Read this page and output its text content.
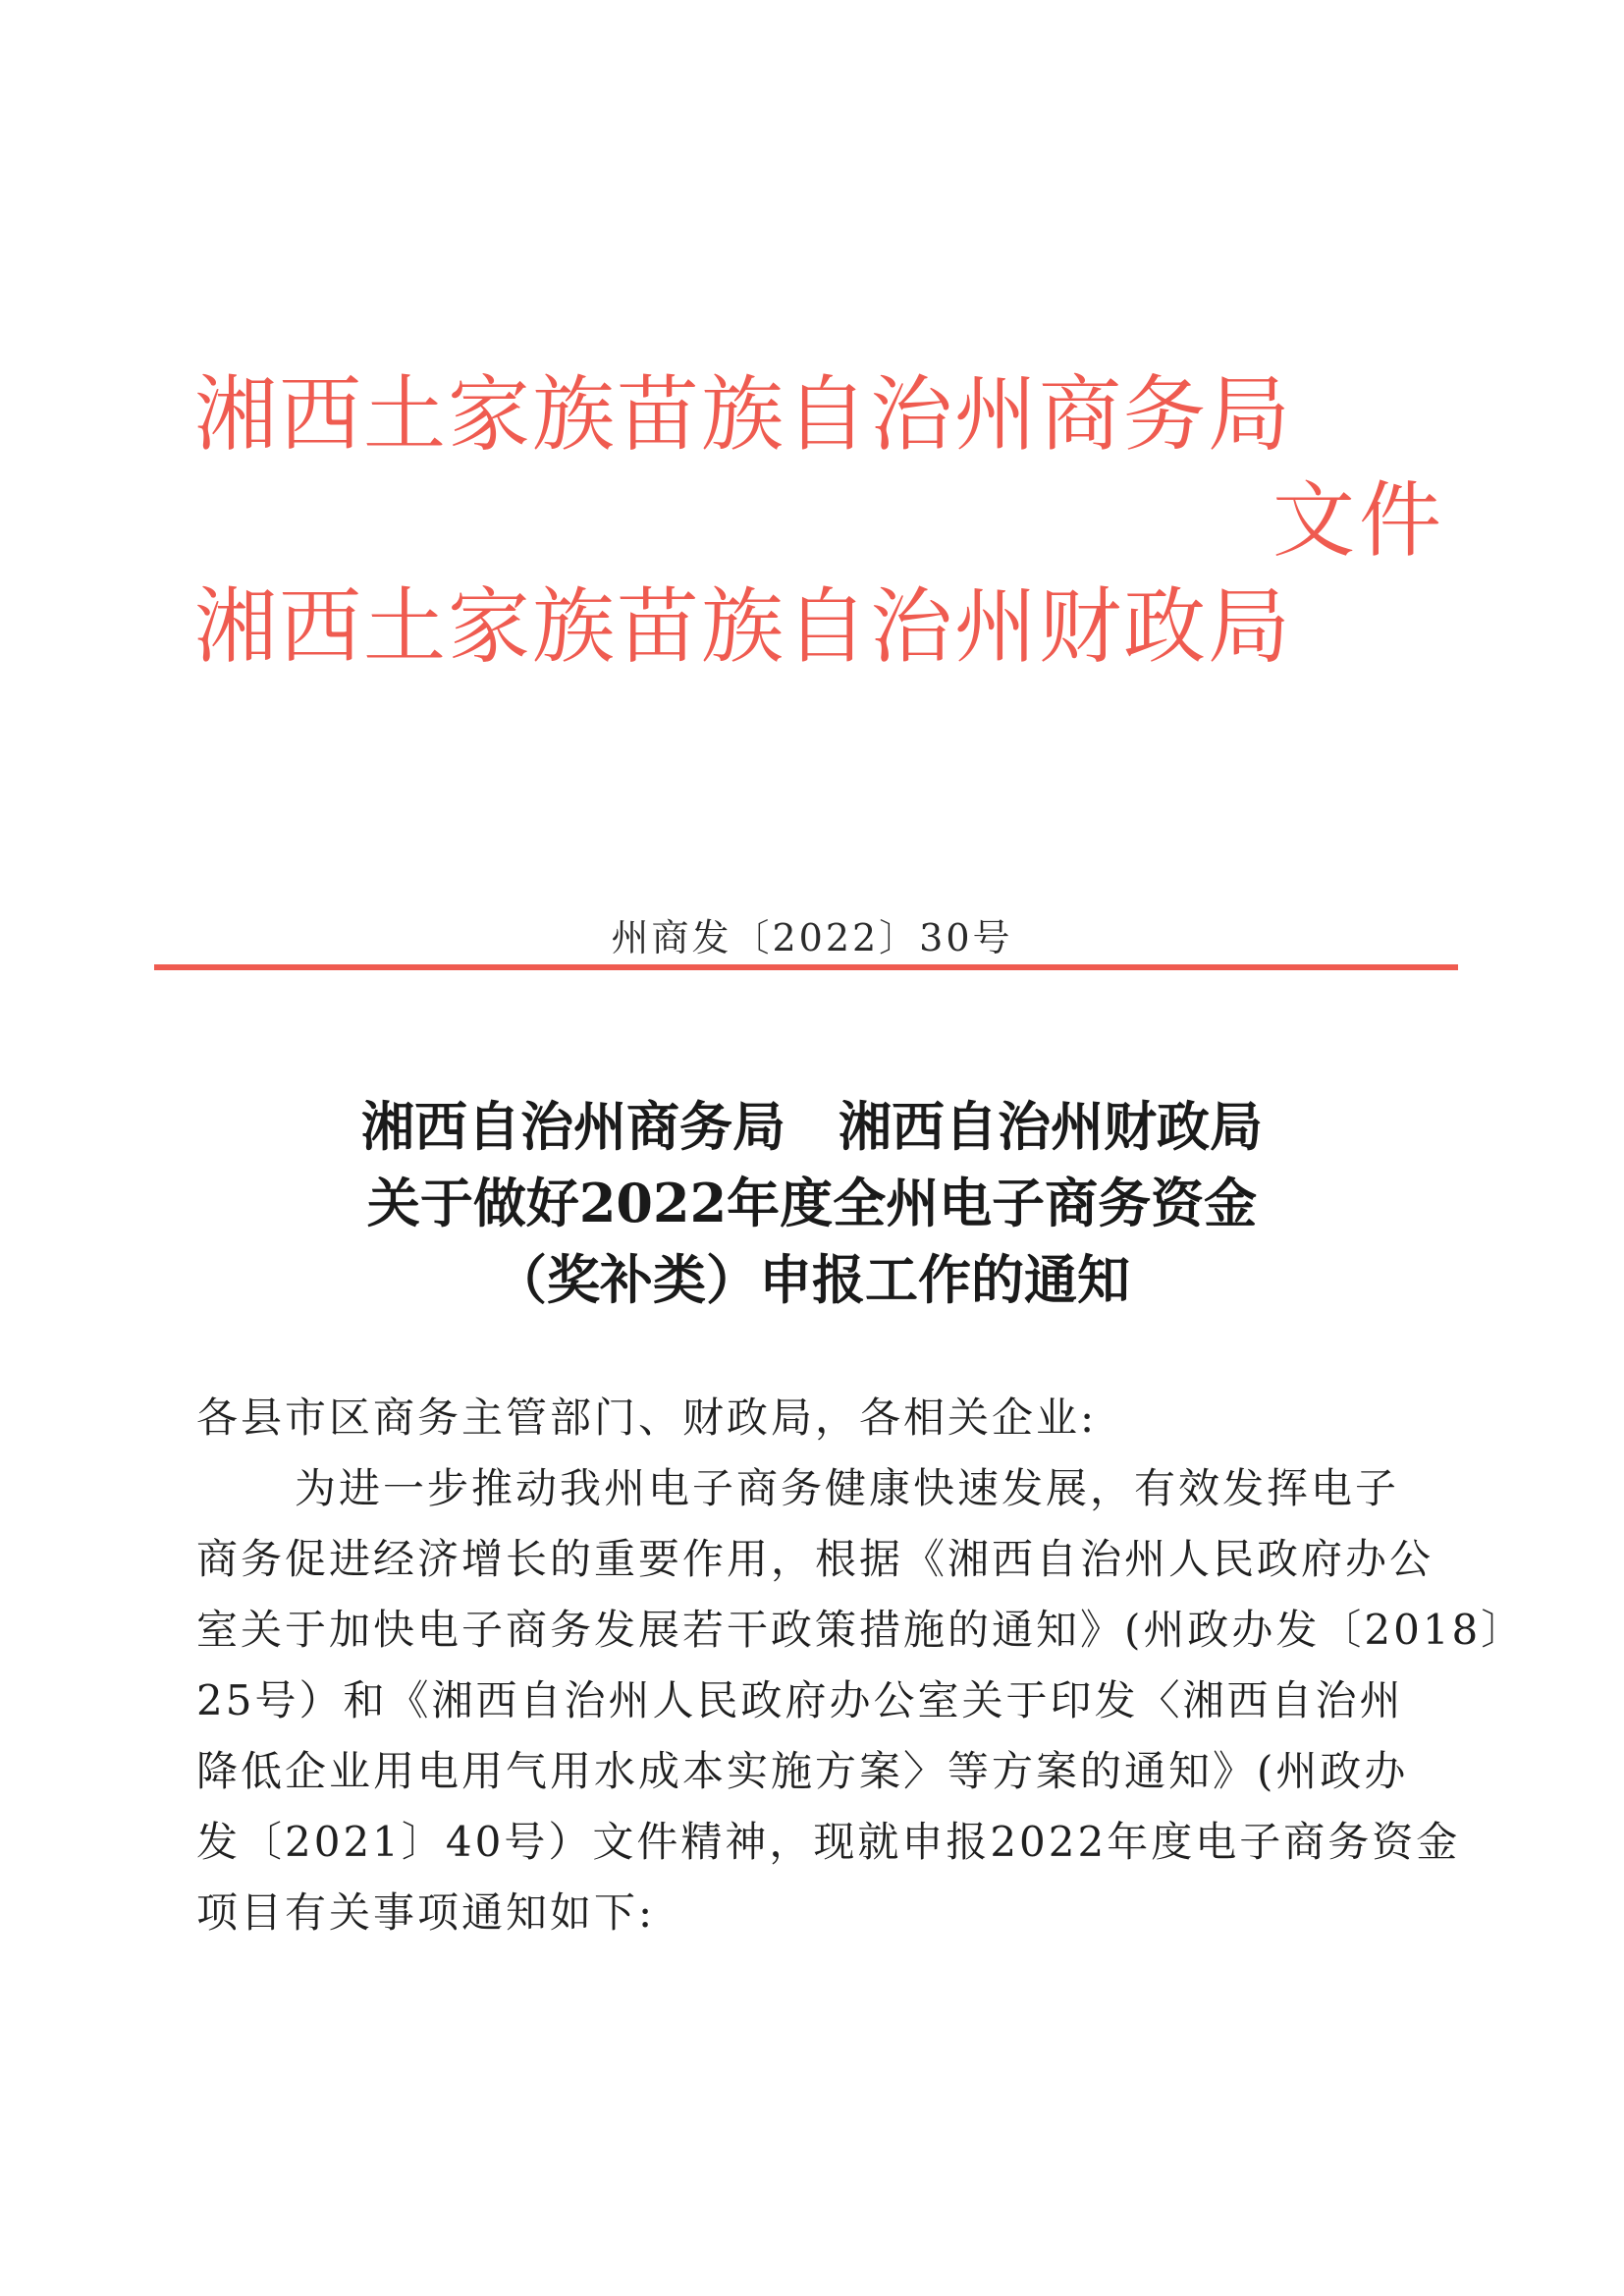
湘西土家族苗族自治州商务局
文件
湘西土家族苗族自治州财政局
州商发〔2022〕30号
湘西自治州商务局　湘西自治州财政局
关于做好2022年度全州电子商务资金
（奖补类）申报工作的通知
各县市区商务主管部门、财政局，各相关企业:
为进一步推动我州电子商务健康快速发展，有效发挥电子
商务促进经济增长的重要作用，根据《湘西自治州人民政府办公
室关于加快电子商务发展若干政策措施的通知》(州政办发〔2018〕
25号）和《湘西自治州人民政府办公室关于印发〈湘西自治州
降低企业用电用气用水成本实施方案〉等方案的通知》(州政办
发〔2021〕40号）文件精神，现就申报2022年度电子商务资金
项目有关事项通知如下:
